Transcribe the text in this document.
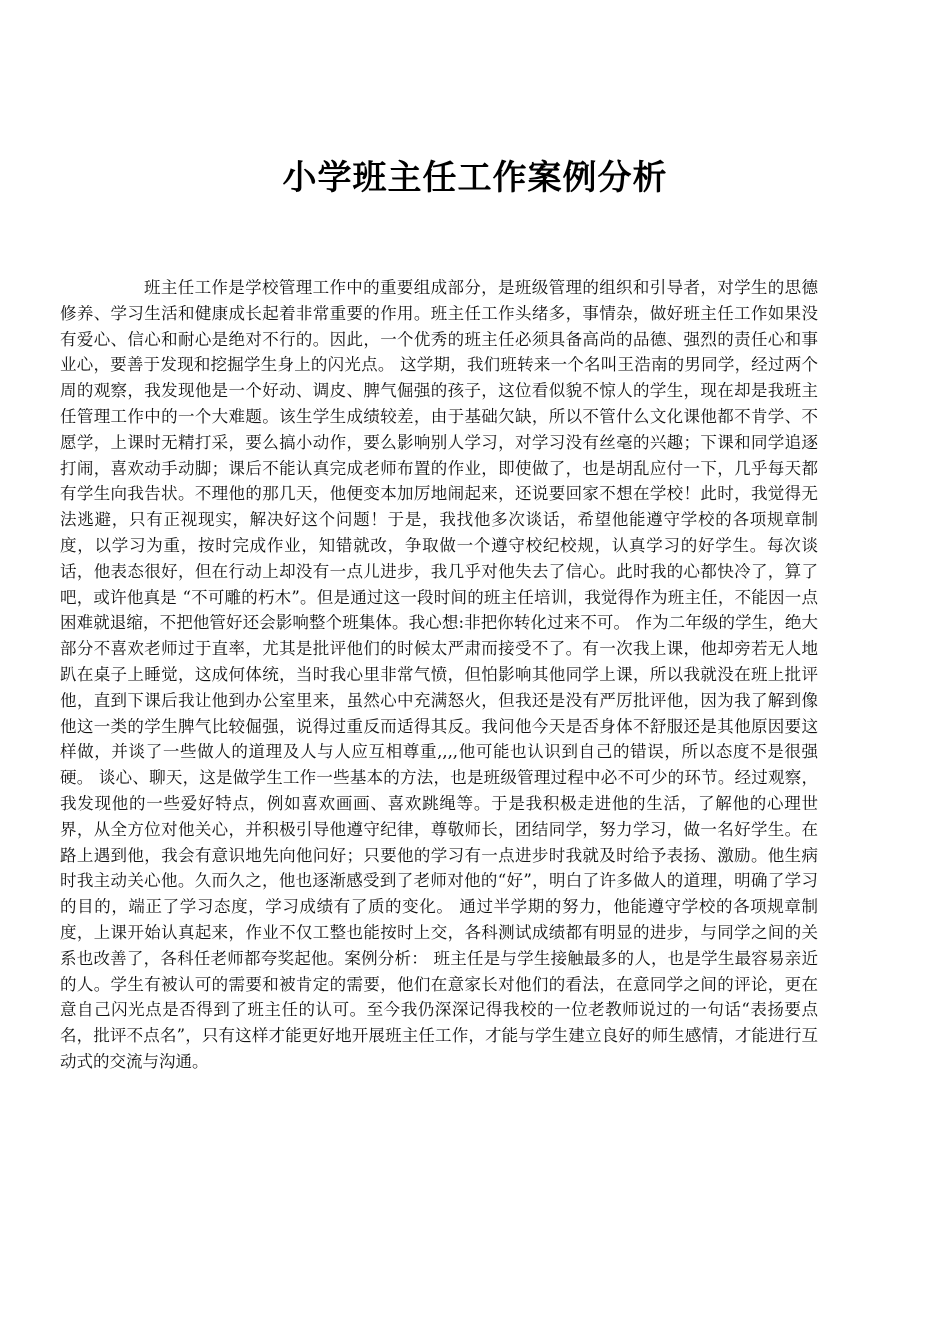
小学班主任工作案例分析

班主任工作是学校管理工作中的重要组成部分，是班级管理的组织和引导者，对学生的思德修养、学习生活和健康成长起着非常重要的作用。班主任工作头绪多，事情杂，做好班主任工作如果没有爱心、信心和耐心是绝对不行的。因此，一个优秀的班主任必须具备高尚的品德、强烈的责任心和事业心，要善于发现和挖掘学生身上的闪光点。 这学期，我们班转来一个名叫王浩南的男同学，经过两个周的观察，我发现他是一个好动、调皮、脾气倔强的孩子，这位看似貌不惊人的学生，现在却是我班主任管理工作中的一个大难题。该生学生成绩较差，由于基础欠缺，所以不管什么文化课他都不肯学、不愿学，上课时无精打采，要么搞小动作，要么影响别人学习，对学习没有丝毫的兴趣；下课和同学追逐打闹，喜欢动手动脚；课后不能认真完成老师布置的作业，即使做了，也是胡乱应付一下，几乎每天都有学生向我告状。不理他的那几天，他便变本加厉地闹起来，还说要回家不想在学校！此时，我觉得无法逃避，只有正视现实，解决好这个问题！于是，我找他多次谈话，希望他能遵守学校的各项规章制度，以学习为重，按时完成作业，知错就改，争取做一个遵守校纪校规，认真学习的好学生。每次谈话，他表态很好，但在行动上却没有一点儿进步，我几乎对他失去了信心。此时我的心都快冷了，算了吧，或许他真是 “不可雕的朽木”。但是通过这一段时间的班主任培训，我觉得作为班主任，不能因一点困难就退缩，不把他管好还会影响整个班集体。我心想:非把你转化过来不可。 作为二年级的学生，绝大部分不喜欢老师过于直率，尤其是批评他们的时候太严肃而接受不了。有一次我上课，他却旁若无人地趴在桌子上睡觉，这成何体统，当时我心里非常气愤，但怕影响其他同学上课，所以我就没在班上批评他，直到下课后我让他到办公室里来，虽然心中充满怒火，但我还是没有严厉批评他，因为我了解到像他这一类的学生脾气比较倔强，说得过重反而适得其反。我问他今天是否身体不舒服还是其他原因要这样做，并谈了一些做人的道理及人与人应互相尊重,,,,他可能也认识到自己的错误，所以态度不是很强硬。 谈心、聊天，这是做学生工作一些基本的方法，也是班级管理过程中必不可少的环节。经过观察，我发现他的一些爱好特点，例如喜欢画画、喜欢跳绳等。于是我积极走进他的生活，了解他的心理世界，从全方位对他关心，并积极引导他遵守纪律，尊敬师长，团结同学，努力学习，做一名好学生。在路上遇到他，我会有意识地先向他问好；只要他的学习有一点进步时我就及时给予表扬、激励。他生病时我主动关心他。久而久之，他也逐渐感受到了老师对他的“好”，明白了许多做人的道理，明确了学习的目的，端正了学习态度，学习成绩有了质的变化。 通过半学期的努力，他能遵守学校的各项规章制度，上课开始认真起来，作业不仅工整也能按时上交，各科测试成绩都有明显的进步，与同学之间的关系也改善了，各科任老师都夸奖起他。案例分析： 班主任是与学生接触最多的人，也是学生最容易亲近的人。学生有被认可的需要和被肯定的需要，他们在意家长对他们的看法，在意同学之间的评论，更在意自己闪光点是否得到了班主任的认可。至今我仍深深记得我校的一位老教师说过的一句话“表扬要点名，批评不点名”，只有这样才能更好地开展班主任工作，才能与学生建立良好的师生感情，才能进行互动式的交流与沟通。
